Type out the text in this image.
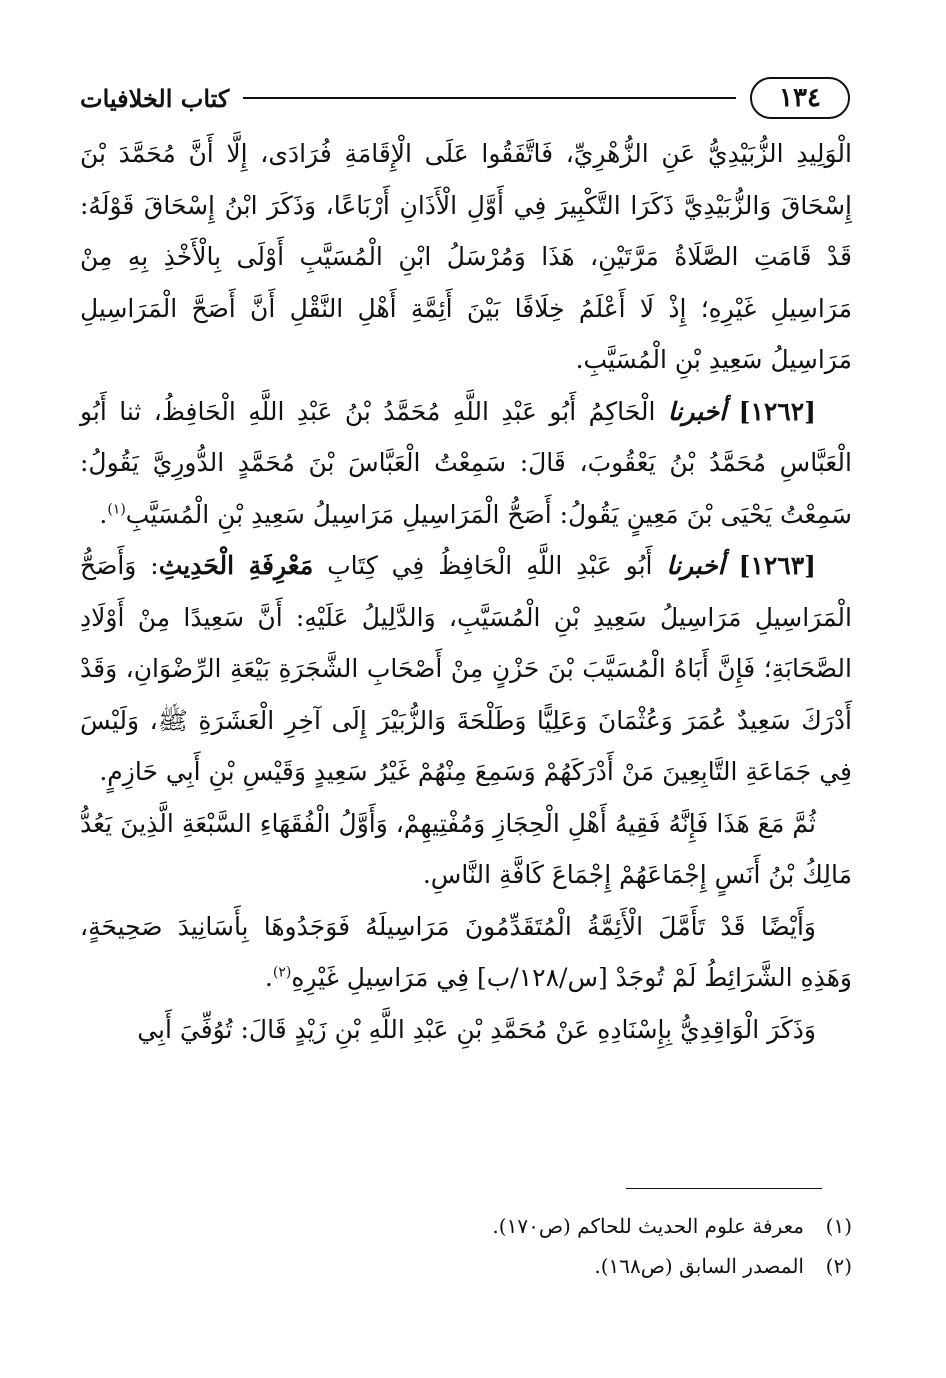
١٣٤
كتاب الخلافيات

الْوَلِيدِ الزُّبَيْدِيُّ عَنِ الزُّهْرِيِّ، فَاتَّفَقُوا عَلَى الْإِقَامَةِ فُرَادَى، إِلَّا أَنَّ مُحَمَّدَ بْنَ إِسْحَاقَ وَالزُّبَيْدِيَّ ذَكَرَا التَّكْبِيرَ فِي أَوَّلِ الْأَذَانِ أَرْبَاعًا، وَذَكَرَ ابْنُ إِسْحَاقَ قَوْلَهُ: قَدْ قَامَتِ الصَّلَاةُ مَرَّتَيْنِ، هَذَا وَمُرْسَلُ ابْنِ الْمُسَيَّبِ أَوْلَى بِالْأَخْذِ بِهِ مِنْ مَرَاسِيلِ غَيْرِهِ؛ إِذْ لَا أَعْلَمُ خِلَافًا بَيْنَ أَئِمَّةِ أَهْلِ النَّقْلِ أَنَّ أَصَحَّ الْمَرَاسِيلِ مَرَاسِيلُ سَعِيدِ بْنِ الْمُسَيَّبِ.

[١٢٦٢] أخبرنا الْحَاكِمُ أَبُو عَبْدِ اللَّهِ مُحَمَّدُ بْنُ عَبْدِ اللَّهِ الْحَافِظُ، ثنا أَبُو الْعَبَّاسِ مُحَمَّدُ بْنُ يَعْقُوبَ، قَالَ: سَمِعْتُ الْعَبَّاسَ بْنَ مُحَمَّدٍ الدُّورِيَّ يَقُولُ: سَمِعْتُ يَحْيَى بْنَ مَعِينٍ يَقُولُ: أَصَحُّ الْمَرَاسِيلِ مَرَاسِيلُ سَعِيدِ بْنِ الْمُسَيَّبِ$^{(١)}$.

[١٢٦٣] أخبرنا أَبُو عَبْدِ اللَّهِ الْحَافِظُ فِي كِتَابِ مَعْرِفَةِ الْحَدِيثِ: وَأَصَحُّ الْمَرَاسِيلِ مَرَاسِيلُ سَعِيدِ بْنِ الْمُسَيَّبِ، وَالدَّلِيلُ عَلَيْهِ: أَنَّ سَعِيدًا مِنْ أَوْلَادِ الصَّحَابَةِ؛ فَإِنَّ أَبَاهُ الْمُسَيَّبَ بْنَ حَزْنٍ مِنْ أَصْحَابِ الشَّجَرَةِ بَيْعَةِ الرِّضْوَانِ، وَقَدْ أَدْرَكَ سَعِيدٌ عُمَرَ وَعُثْمَانَ وَعَلِيًّا وَطَلْحَةَ وَالزُّبَيْرَ إِلَى آخِرِ الْعَشَرَةِ ﷺ، وَلَيْسَ فِي جَمَاعَةِ التَّابِعِينَ مَنْ أَدْرَكَهُمْ وَسَمِعَ مِنْهُمْ غَيْرُ سَعِيدٍ وَقَيْسِ بْنِ أَبِي حَازِمٍ.

ثُمَّ مَعَ هَذَا فَإِنَّهُ فَقِيهُ أَهْلِ الْحِجَازِ وَمُفْتِيهِمْ، وَأَوَّلُ الْفُقَهَاءِ السَّبْعَةِ الَّذِينَ يَعُدُّ مَالِكُ بْنُ أَنَسٍ إِجْمَاعَهُمْ إِجْمَاعَ كَافَّةِ النَّاسِ.

وَأَيْضًا قَدْ تَأَمَّلَ الْأَئِمَّةُ الْمُتَقَدِّمُونَ مَرَاسِيلَهُ فَوَجَدُوهَا بِأَسَانِيدَ صَحِيحَةٍ، وَهَذِهِ الشَّرَائِطُ لَمْ تُوجَدْ [س/١٢٨/ب] فِي مَرَاسِيلِ غَيْرِهِ$^{(٢)}$.

وَذَكَرَ الْوَاقِدِيُّ بِإِسْنَادِهِ عَنْ مُحَمَّدِ بْنِ عَبْدِ اللَّهِ بْنِ زَيْدٍ قَالَ: تُوُفِّيَ أَبِي

(١)
معرفة علوم الحديث للحاكم (ص١٧٠).
(٢)
المصدر السابق (ص١٦٨).
